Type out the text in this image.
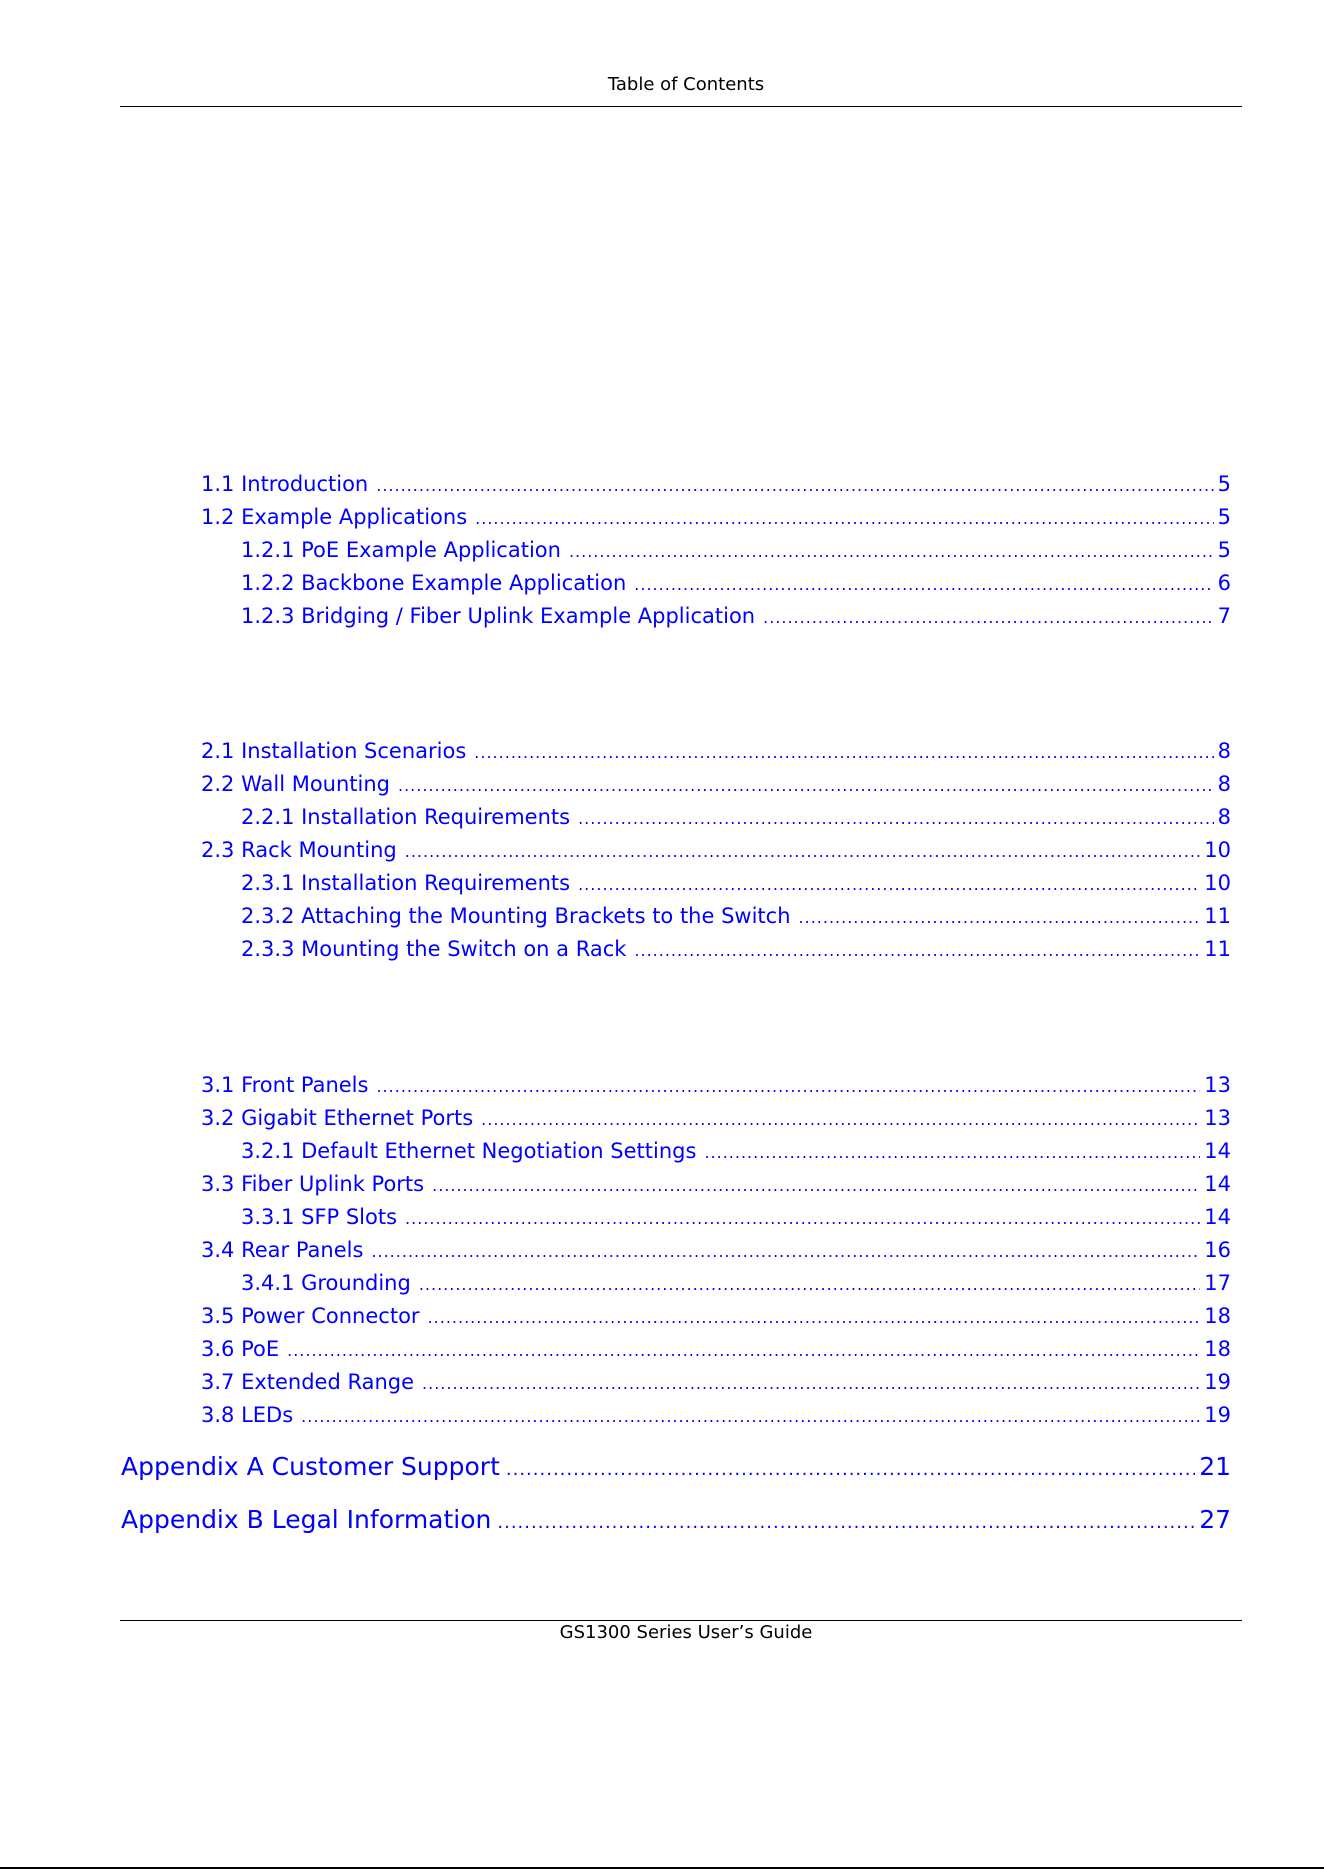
Table of Contents
1.1 Introduction .....	5
1.2 Example Applications .....	5
1.2.1 PoE Example Application .....	5
1.2.2 Backbone Example Application .....	6
1.2.3 Bridging / Fiber Uplink Example Application .....	7
2.1 Installation Scenarios .....	8
2.2 Wall Mounting .....	8
2.2.1 Installation Requirements .....	8
2.3 Rack Mounting .....	10
2.3.1 Installation Requirements .....	10
2.3.2 Attaching the Mounting Brackets to the Switch .....	11
2.3.3 Mounting the Switch on a Rack .....	11
3.1 Front Panels .....	13
3.2 Gigabit Ethernet Ports .....	13
3.2.1 Default Ethernet Negotiation Settings .....	14
3.3 Fiber Uplink Ports .....	14
3.3.1 SFP Slots .....	14
3.4 Rear Panels .....	16
3.4.1 Grounding .....	17
3.5 Power Connector .....	18
3.6 PoE .....	18
3.7 Extended Range .....	19
3.8 LEDs .....	19
Appendix A Customer Support .....	21
Appendix B Legal Information .....	27
GS1300 Series User’s Guide
